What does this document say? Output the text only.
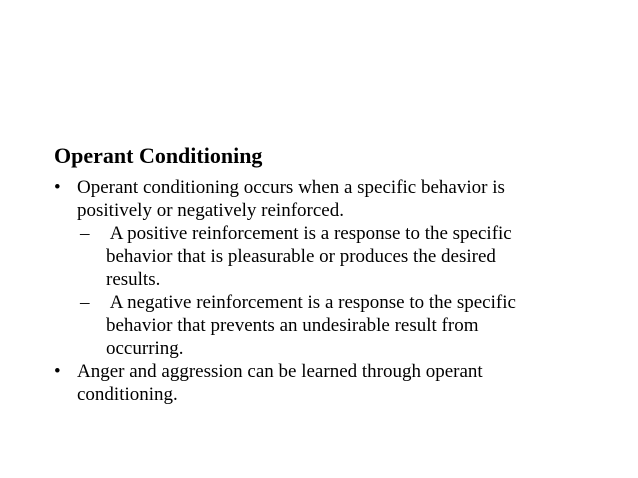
Operant Conditioning
• Operant conditioning occurs when a specific behavior is
positively or negatively reinforced.
– A positive reinforcement is a response to the specific
behavior that is pleasurable or produces the desired
results.
– A negative reinforcement is a response to the specific
behavior that prevents an undesirable result from
occurring.
• Anger and aggression can be learned through operant
conditioning.
